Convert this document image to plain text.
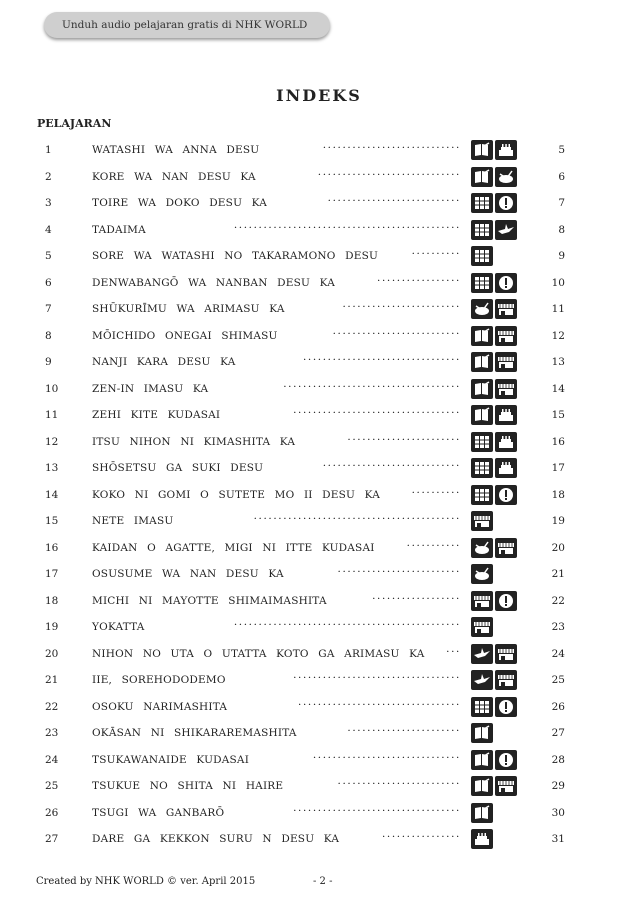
Unduh audio pelajaran gratis di NHK WORLD
INDEKS
PELAJARAN
1	WATASHI WA ANNA DESU	····························	5
2	KORE WA NAN DESU KA	·····························	6
3	TOIRE WA DOKO DESU KA	···························	7
4	TADAIMA	··············································	8
5	SORE WA WATASHI NO TAKARAMONO DESU	··········	9
6	DENWABANGŌ WA NANBAN DESU KA	·················	10
7	SHŪKURĪMU WA ARIMASU KA	························	11
8	MŌICHIDO ONEGAI SHIMASU	··························	12
9	NANJI KARA DESU KA	································	13
10	ZEN-IN IMASU KA	····································	14
11	ZEHI KITE KUDASAI	··································	15
12	ITSU NIHON NI KIMASHITA KA	·······················	16
13	SHŌSETSU GA SUKI DESU	····························	17
14	KOKO NI GOMI O SUTETE MO II DESU KA	··········	18
15	NETE IMASU	··········································	19
16	KAIDAN O AGATTE, MIGI NI ITTE KUDASAI	···········	20
17	OSUSUME WA NAN DESU KA	·························	21
18	MICHI NI MAYOTTE SHIMAIMASHITA	··················	22
19	YOKATTA	··············································	23
20	NIHON NO UTA O UTATTA KOTO GA ARIMASU KA	···	24
21	IIE, SOREHODODEMO	··································	25
22	OSOKU NARIMASHITA	·································	26
23	OKĀSAN NI SHIKARAREMASHITA	·······················	27
24	TSUKAWANAIDE KUDASAI	······························	28
25	TSUKUE NO SHITA NI HAIRE	·························	29
26	TSUGI WA GANBARŌ	··································	30
27	DARE GA KEKKON SURU N DESU KA	················	31
Created by NHK WORLD © ver. April 2015	- 2 -
